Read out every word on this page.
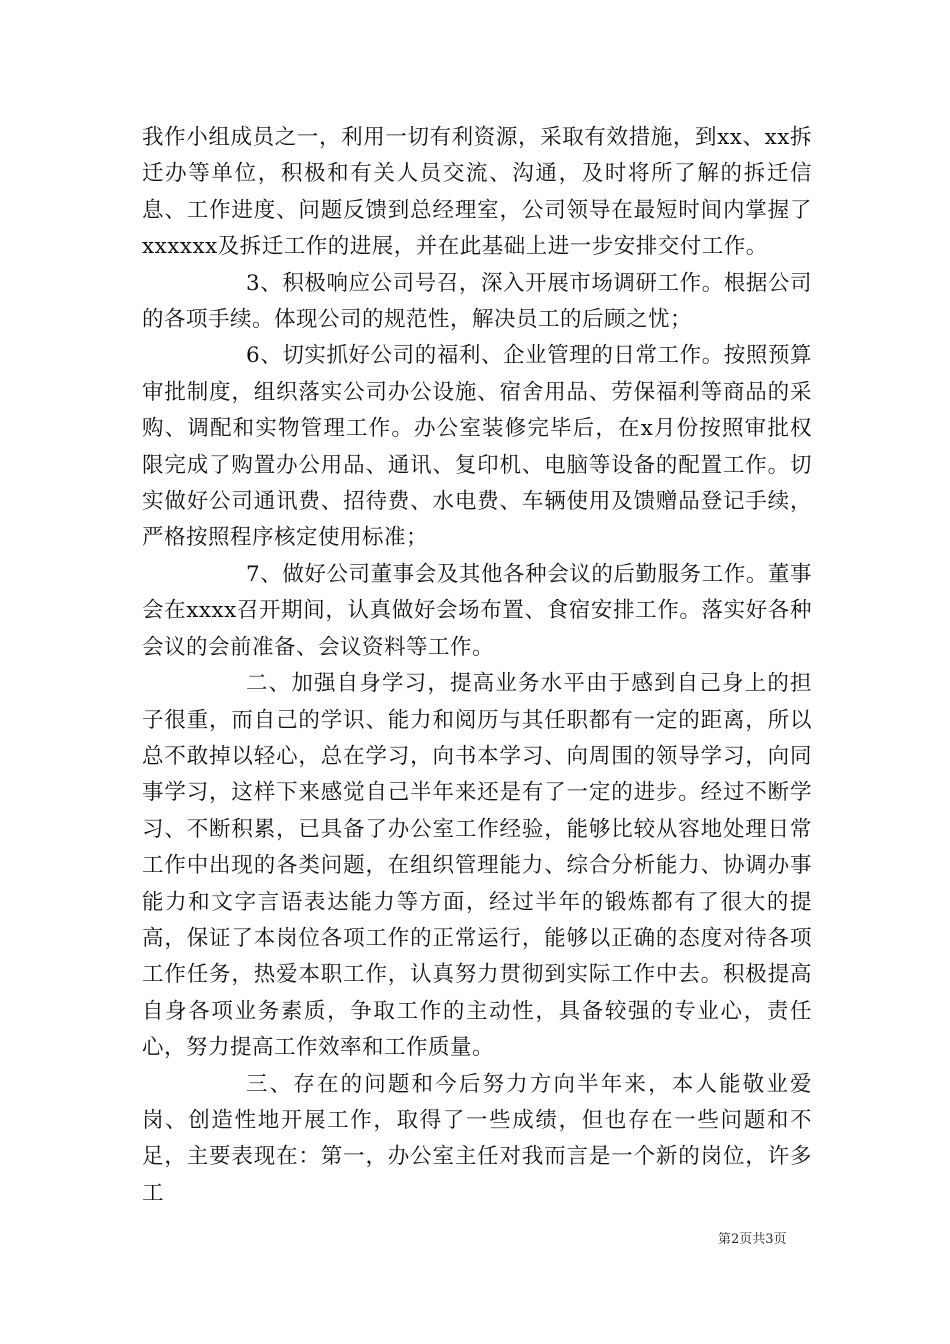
我作小组成员之一，利用一切有利资源，采取有效措施，到xx、xx拆迁办等单位，积极和有关人员交流、沟通，及时将所了解的拆迁信息、工作进度、问题反馈到总经理室，公司领导在最短时间内掌握了xxxxxx及拆迁工作的进展，并在此基础上进一步安排交付工作。

3、积极响应公司号召，深入开展市场调研工作。根据公司的各项手续。体现公司的规范性，解决员工的后顾之忧；

6、切实抓好公司的福利、企业管理的日常工作。按照预算审批制度，组织落实公司办公设施、宿舍用品、劳保福利等商品的采购、调配和实物管理工作。办公室装修完毕后，在x月份按照审批权限完成了购置办公用品、通讯、复印机、电脑等设备的配置工作。切实做好公司通讯费、招待费、水电费、车辆使用及馈赠品登记手续，严格按照程序核定使用标准；

7、做好公司董事会及其他各种会议的后勤服务工作。董事会在xxxx召开期间，认真做好会场布置、食宿安排工作。落实好各种会议的会前准备、会议资料等工作。

二、加强自身学习，提高业务水平由于感到自己身上的担子很重，而自己的学识、能力和阅历与其任职都有一定的距离，所以总不敢掉以轻心，总在学习，向书本学习、向周围的领导学习，向同事学习，这样下来感觉自己半年来还是有了一定的进步。经过不断学习、不断积累，已具备了办公室工作经验，能够比较从容地处理日常工作中出现的各类问题，在组织管理能力、综合分析能力、协调办事能力和文字言语表达能力等方面，经过半年的锻炼都有了很大的提高，保证了本岗位各项工作的正常运行，能够以正确的态度对待各项工作任务，热爱本职工作，认真努力贯彻到实际工作中去。积极提高自身各项业务素质，争取工作的主动性，具备较强的专业心，责任心，努力提高工作效率和工作质量。

三、存在的问题和今后努力方向半年来，本人能敬业爱岗、创造性地开展工作，取得了一些成绩，但也存在一些问题和不足，主要表现在：第一，办公室主任对我而言是一个新的岗位，许多工

第2页共3页
